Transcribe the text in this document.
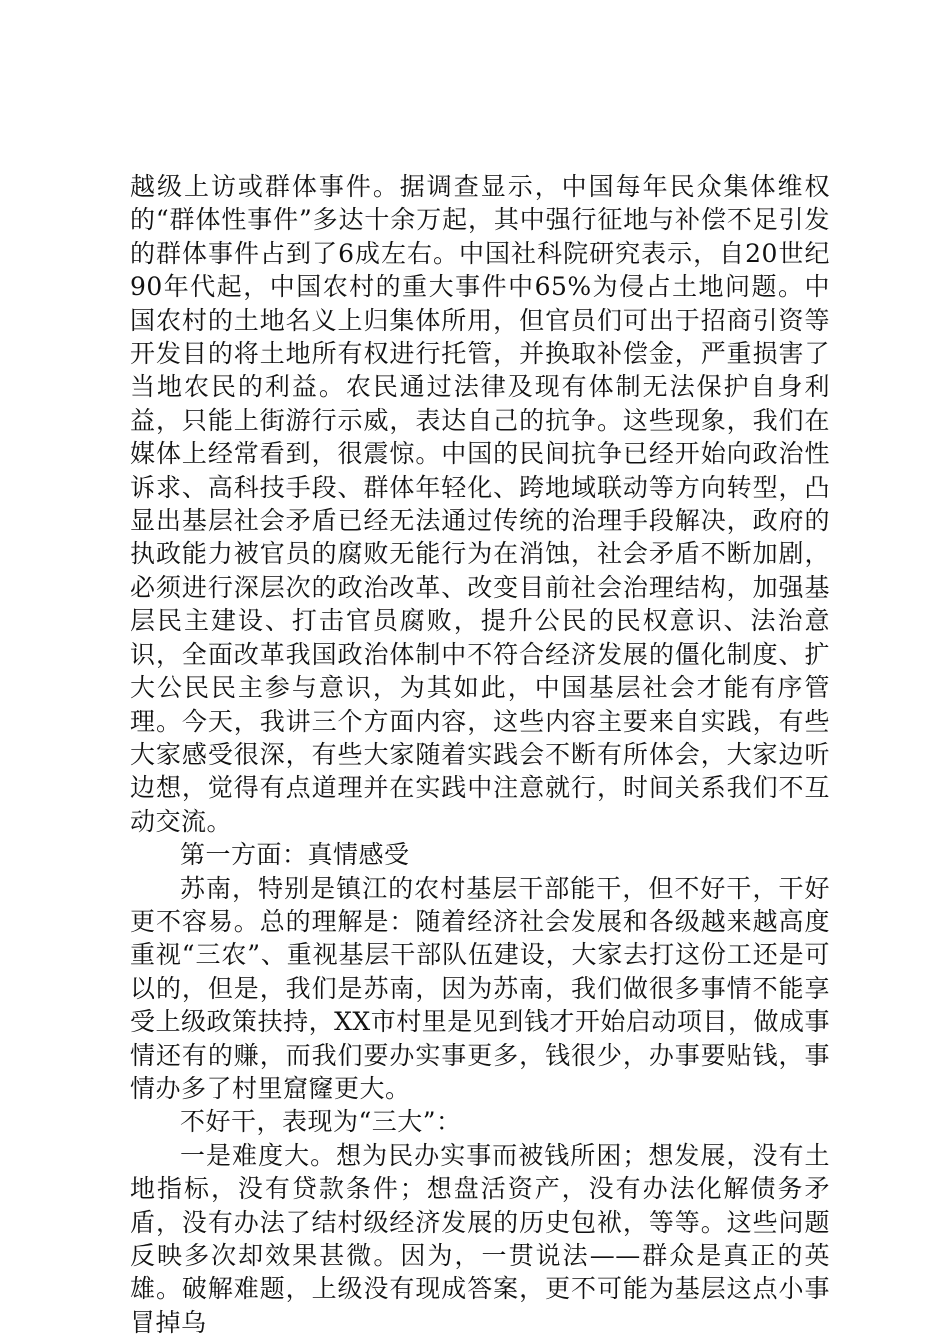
越级上访或群体事件。据调查显示，中国每年民众集体维权的“群体性事件”多达十余万起，其中强行征地与补偿不足引发的群体事件占到了6成左右。中国社科院研究表示，自20世纪90年代起，中国农村的重大事件中65%为侵占土地问题。中国农村的土地名义上归集体所用，但官员们可出于招商引资等开发目的将土地所有权进行托管，并换取补偿金，严重损害了当地农民的利益。农民通过法律及现有体制无法保护自身利益，只能上街游行示威，表达自己的抗争。这些现象，我们在媒体上经常看到，很震惊。中国的民间抗争已经开始向政治性诉求、高科技手段、群体年轻化、跨地域联动等方向转型，凸显出基层社会矛盾已经无法通过传统的治理手段解决，政府的执政能力被官员的腐败无能行为在消蚀，社会矛盾不断加剧，必须进行深层次的政治改革、改变目前社会治理结构，加强基层民主建设、打击官员腐败，提升公民的民权意识、法治意识，全面改革我国政治体制中不符合经济发展的僵化制度、扩大公民民主参与意识，为其如此，中国基层社会才能有序管理。今天，我讲三个方面内容，这些内容主要来自实践，有些大家感受很深，有些大家随着实践会不断有所体会，大家边听边想，觉得有点道理并在实践中注意就行，时间关系我们不互动交流。

第一方面：真情感受

苏南，特别是镇江的农村基层干部能干，但不好干，干好更不容易。总的理解是：随着经济社会发展和各级越来越高度重视“三农”、重视基层干部队伍建设，大家去打这份工还是可以的，但是，我们是苏南，因为苏南，我们做很多事情不能享受上级政策扶持，XX市村里是见到钱才开始启动项目，做成事情还有的赚，而我们要办实事更多，钱很少，办事要贴钱，事情办多了村里窟窿更大。

不好干，表现为“三大”：

一是难度大。想为民办实事而被钱所困；想发展，没有土地指标，没有贷款条件；想盘活资产，没有办法化解债务矛盾，没有办法了结村级经济发展的历史包袱，等等。这些问题反映多次却效果甚微。因为，一贯说法——群众是真正的英雄。破解难题，上级没有现成答案，更不可能为基层这点小事冒掉乌
